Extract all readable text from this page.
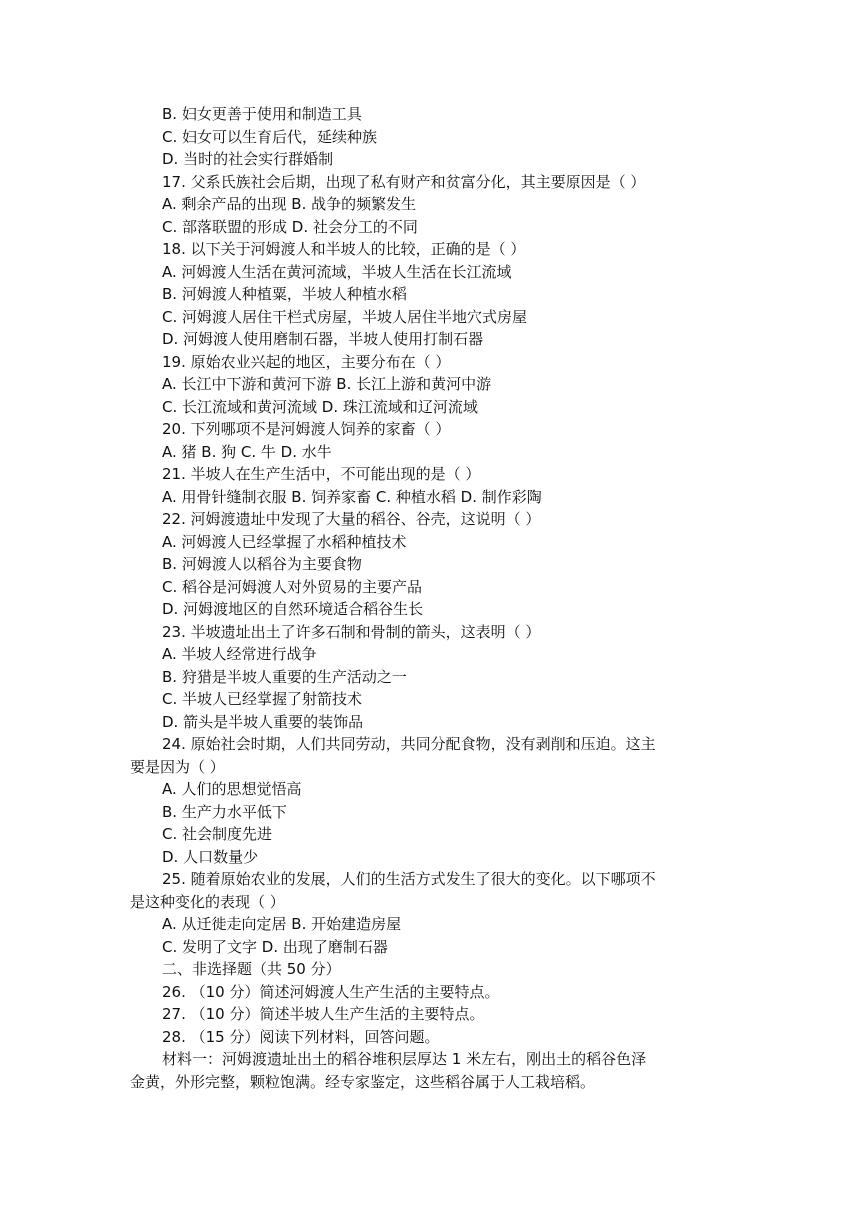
B. 妇女更善于使用和制造工具

C. 妇女可以生育后代，延续种族

D. 当时的社会实行群婚制

17. 父系氏族社会后期，出现了私有财产和贫富分化，其主要原因是（ ）

A. 剩余产品的出现 B. 战争的频繁发生

C. 部落联盟的形成 D. 社会分工的不同

18. 以下关于河姆渡人和半坡人的比较，正确的是（ ）

A. 河姆渡人生活在黄河流域，半坡人生活在长江流域

B. 河姆渡人种植粟，半坡人种植水稻

C. 河姆渡人居住干栏式房屋，半坡人居住半地穴式房屋

D. 河姆渡人使用磨制石器，半坡人使用打制石器

19. 原始农业兴起的地区，主要分布在（ ）

A. 长江中下游和黄河下游 B. 长江上游和黄河中游

C. 长江流域和黄河流域 D. 珠江流域和辽河流域

20. 下列哪项不是河姆渡人饲养的家畜（ ）

A. 猪 B. 狗 C. 牛 D. 水牛

21. 半坡人在生产生活中，不可能出现的是（ ）

A. 用骨针缝制衣服 B. 饲养家畜 C. 种植水稻 D. 制作彩陶

22. 河姆渡遗址中发现了大量的稻谷、谷壳，这说明（ ）

A. 河姆渡人已经掌握了水稻种植技术

B. 河姆渡人以稻谷为主要食物

C. 稻谷是河姆渡人对外贸易的主要产品

D. 河姆渡地区的自然环境适合稻谷生长

23. 半坡遗址出土了许多石制和骨制的箭头，这表明（ ）

A. 半坡人经常进行战争

B. 狩猎是半坡人重要的生产活动之一

C. 半坡人已经掌握了射箭技术

D. 箭头是半坡人重要的装饰品

24. 原始社会时期，人们共同劳动，共同分配食物，没有剥削和压迫。这主

要是因为（ ）

A. 人们的思想觉悟高

B. 生产力水平低下

C. 社会制度先进

D. 人口数量少

25. 随着原始农业的发展，人们的生活方式发生了很大的变化。以下哪项不

是这种变化的表现（ ）

A. 从迁徙走向定居 B. 开始建造房屋

C. 发明了文字 D. 出现了磨制石器

二、非选择题（共 50 分）

26. （10 分）简述河姆渡人生产生活的主要特点。

27. （10 分）简述半坡人生产生活的主要特点。

28. （15 分）阅读下列材料，回答问题。

材料一：河姆渡遗址出土的稻谷堆积层厚达 1 米左右，刚出土的稻谷色泽

金黄，外形完整，颗粒饱满。经专家鉴定，这些稻谷属于人工栽培稻。
